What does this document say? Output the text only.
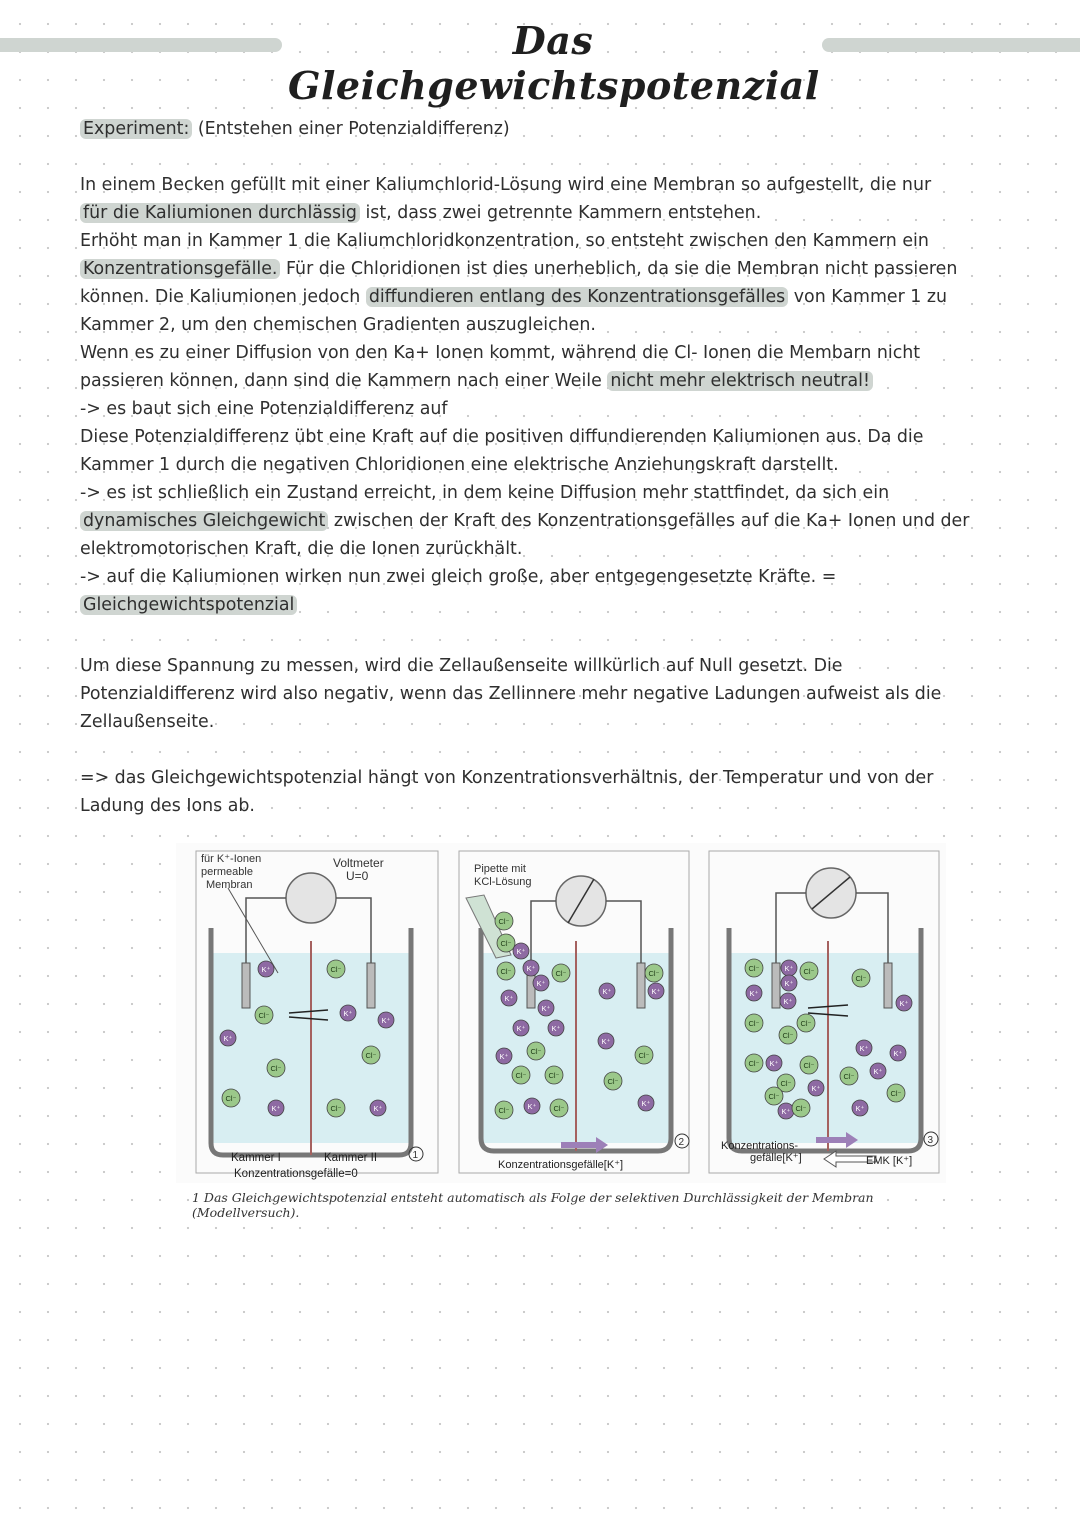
Das Gleichgewichtspotenzial
Experiment: (Entstehen einer Potenzialdifferenz)

In einem Becken gefüllt mit einer Kaliumchlorid-Lösung wird eine Membran so aufgestellt, die nur

für die Kaliumionen durchlässig ist, dass zwei getrennte Kammern entstehen.

Erhöht man in Kammer 1 die Kaliumchloridkonzentration, so entsteht zwischen den Kammern ein

Konzentrationsgefälle. Für die Chloridionen ist dies unerheblich, da sie die Membran nicht passieren

können. Die Kaliumionen jedoch diffundieren entlang des Konzentrationsgefälles von Kammer 1 zu

Kammer 2, um den chemischen Gradienten auszugleichen.

Wenn es zu einer Diffusion von den Ka+ Ionen kommt, während die Cl- Ionen die Membarn nicht

passieren können, dann sind die Kammern nach einer Weile nicht mehr elektrisch neutral!

-> es baut sich eine Potenzialdifferenz auf

Diese Potenzialdifferenz übt eine Kraft auf die positiven diffundierenden Kaliumionen aus. Da die

Kammer 1 durch die negativen Chloridionen eine elektrische Anziehungskraft darstellt.

-> es ist schließlich ein Zustand erreicht, in dem keine Diffusion mehr stattfindet, da sich ein

dynamisches Gleichgewicht zwischen der Kraft des Konzentrationsgefälles auf die Ka+ Ionen und der

elektromotorischen Kraft, die die Ionen zurückhält.

-> auf die Kaliumionen wirken nun zwei gleich große, aber entgegengesetzte Kräfte. =

Gleichgewichtspotenzial

Um diese Spannung zu messen, wird die Zellaußenseite willkürlich auf Null gesetzt. Die

Potenzialdifferenz wird also negativ, wenn das Zellinnere mehr negative Ladungen aufweist als die

Zellaußenseite.

=> das Gleichgewichtspotenzial hängt von Konzentrationsverhältnis, der Temperatur und von der

Ladung des Ions ab.

für K⁺-Ionen
permeable
Membran
Voltmeter
U=0
Kammer I	Kammer II
Konzentrationsgefälle=0
1
Pipette mit
KCl-Lösung
Konzentrationsgefälle[K⁺]
2	Konzentrations-
gefälle[K⁺]	EMK [K⁺]
3
K⁺	Cl⁻
Cl⁻	K⁺
K⁺
K⁺
Cl⁻
Cl⁻
Cl⁻
K⁺	Cl⁻	K⁺
Cl⁻
Cl⁻
K⁺
K⁺
Cl⁻	Cl⁻
K⁺
K⁺
K⁺
K⁺	K⁺
Cl⁻
K⁺
Cl⁻	Cl⁻
Cl⁻ K⁺ Cl⁻
K⁺
Cl⁻
K⁺
K⁺
Cl⁻
Cl⁻
K⁺
Cl⁻	K⁺ Cl⁻
K⁺
K⁺
K⁺
Cl⁻	Cl⁻
Cl⁻
Cl⁻ K⁺	Cl⁻
Cl⁻
K⁺
Cl⁻
K⁺ Cl⁻
Cl⁻
K⁺
K⁺
K⁺
Cl⁻
K⁺
Cl⁻
K⁺
1 Das Gleichgewichtspotenzial entsteht automatisch als Folge der selektiven Durchlässigkeit der Membran (Modellversuch).
